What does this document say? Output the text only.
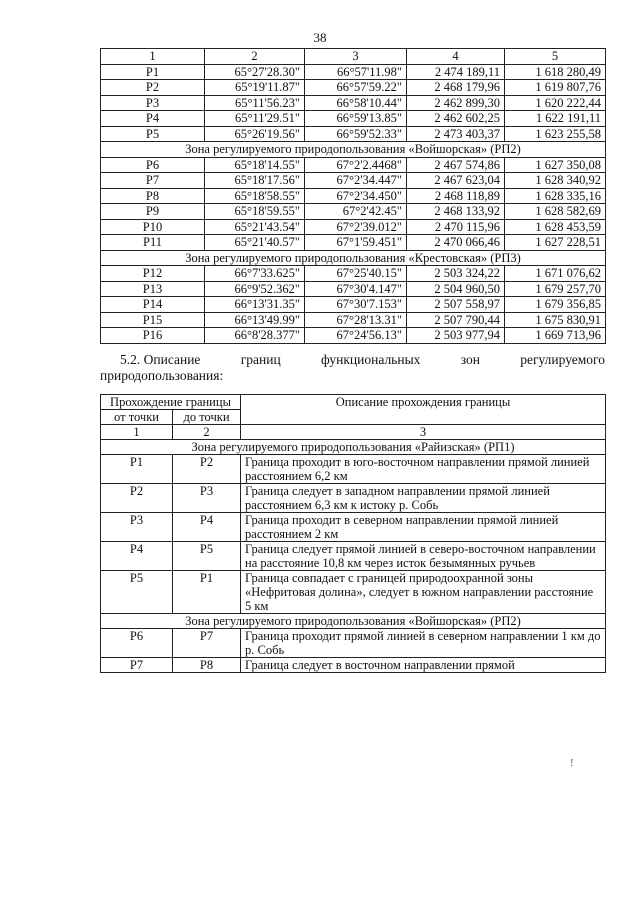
38
1	2	3	4	5
P1	65°27'28.30"	66°57'11.98"	2 474 189,11	1 618 280,49
P2	65°19'11.87"	66°57'59.22"	2 468 179,96	1 619 807,76
P3	65°11'56.23"	66°58'10.44"	2 462 899,30	1 620 222,44
P4	65°11'29.51"	66°59'13.85"	2 462 602,25	1 622 191,11
P5	65°26'19.56"	66°59'52.33"	2 473 403,37	1 623 255,58
Зона регулируемого природопользования «Войшорская» (РП2)				
P6	65°18'14.55"	67°2'2.4468"	2 467 574,86	1 627 350,08
P7	65°18'17.56"	67°2'34.447"	2 467 623,04	1 628 340,92
P8	65°18'58.55"	67°2'34.450"	2 468 118,89	1 628 335,16
P9	65°18'59.55"	67°2'42.45"	2 468 133,92	1 628 582,69
P10	65°21'43.54"	67°2'39.012"	2 470 115,96	1 628 453,59
P11	65°21'40.57"	67°1'59.451"	2 470 066,46	1 627 228,51
Зона регулируемого природопользования «Крестовская» (РП3)				
P12	66°7'33.625"	67°25'40.15"	2 503 324,22	1 671 076,62
P13	66°9'52.362"	67°30'4.147"	2 504 960,50	1 679 257,70
P14	66°13'31.35"	67°30'7.153"	2 507 558,97	1 679 356,85
P15	66°13'49.99"	67°28'13.31"	2 507 790,44	1 675 830,91
P16	66°8'28.377"	67°24'56.13"	2 503 977,94	1 669 713,96
5.2. Описание	границ	функциональных	зон	регулируемого
природопользования:
Прохождение границы		Описание прохождения границы
от точки	до точки	
1	2	3
Зона регулируемого природопользования «Райизская» (РП1)		
P1	P2	Граница проходит в юго-восточном направлении прямой линией расстоянием 6,2 км
P2	P3	Граница следует в западном направлении прямой линией расстоянием 6,3 км к истоку р. Собь
P3	P4	Граница проходит в северном направлении прямой линией расстоянием 2 км
P4	P5	Граница следует прямой линией в северо-восточном направлении на расстояние 10,8 км через исток безымянных ручьев
P5	P1	Граница совпадает с границей природоохранной зоны «Нефритовая долина», следует в южном направлении расстояние 5 км
Зона регулируемого природопользования «Войшорская» (РП2)		
P6	P7	Граница проходит прямой линией в северном направлении 1 км до р. Собь
P7	P8	Граница следует в восточном направлении прямой
!
